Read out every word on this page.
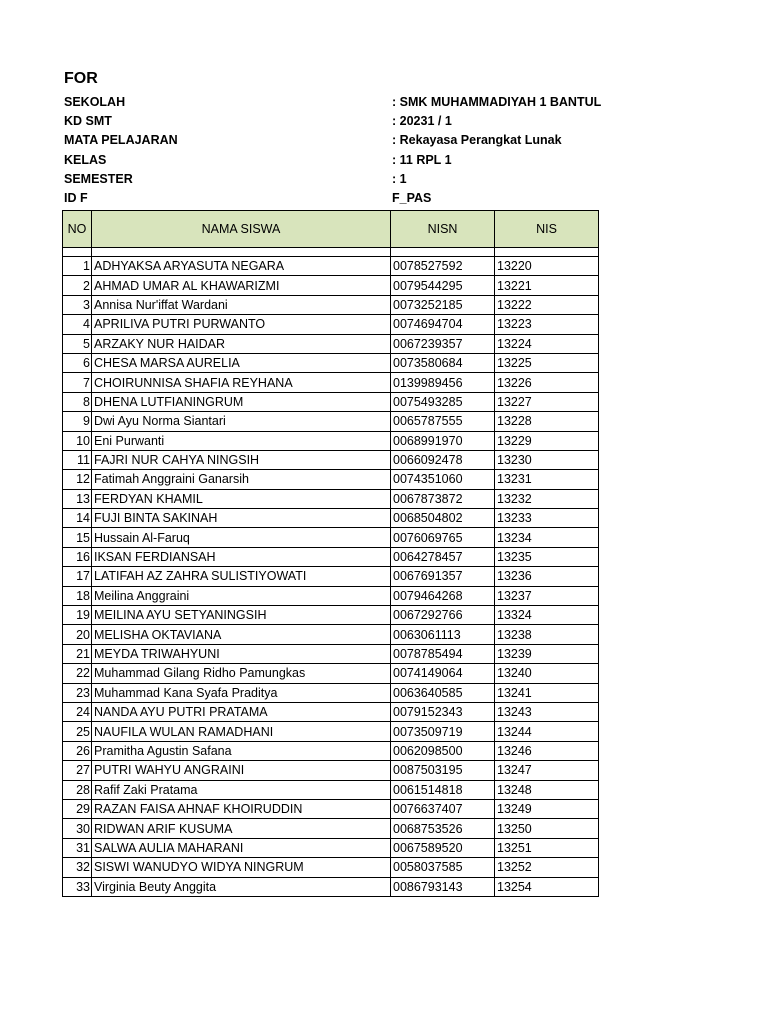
FOR
SEKOLAH	: SMK MUHAMMADIYAH 1 BANTUL
KD SMT	: 20231 / 1
MATA PELAJARAN	: Rekayasa Perangkat Lunak
KELAS	: 11 RPL 1
SEMESTER	: 1
ID F	F_PAS
NO	NAMA SISWA	NISN	NIS

1	ADHYAKSA ARYASUTA NEGARA	0078527592	13220
2	AHMAD UMAR AL KHAWARIZMI	0079544295	13221
3	Annisa Nur'iffat Wardani	0073252185	13222
4	APRILIVA PUTRI PURWANTO	0074694704	13223
5	ARZAKY NUR HAIDAR	0067239357	13224
6	CHESA MARSA AURELIA	0073580684	13225
7	CHOIRUNNISA SHAFIA REYHANA	0139989456	13226
8	DHENA LUTFIANINGRUM	0075493285	13227
9	Dwi Ayu Norma Siantari	0065787555	13228
10	Eni Purwanti	0068991970	13229
11	FAJRI NUR CAHYA NINGSIH	0066092478	13230
12	Fatimah Anggraini Ganarsih	0074351060	13231
13	FERDYAN KHAMIL	0067873872	13232
14	FUJI BINTA SAKINAH	0068504802	13233
15	Hussain Al-Faruq	0076069765	13234
16	IKSAN FERDIANSAH	0064278457	13235
17	LATIFAH AZ ZAHRA SULISTIYOWATI	0067691357	13236
18	Meilina Anggraini	0079464268	13237
19	MEILINA AYU SETYANINGSIH	0067292766	13324
20	MELISHA OKTAVIANA	0063061113	13238
21	MEYDA TRIWAHYUNI	0078785494	13239
22	Muhammad Gilang Ridho Pamungkas	0074149064	13240
23	Muhammad Kana Syafa Praditya	0063640585	13241
24	NANDA AYU PUTRI PRATAMA	0079152343	13243
25	NAUFILA WULAN RAMADHANI	0073509719	13244
26	Pramitha Agustin Safana	0062098500	13246
27	PUTRI WAHYU ANGRAINI	0087503195	13247
28	Rafif Zaki Pratama	0061514818	13248
29	RAZAN FAISA AHNAF KHOIRUDDIN	0076637407	13249
30	RIDWAN ARIF KUSUMA	0068753526	13250
31	SALWA AULIA MAHARANI	0067589520	13251
32	SISWI WANUDYO WIDYA NINGRUM	0058037585	13252
33	Virginia Beuty Anggita	0086793143	13254
